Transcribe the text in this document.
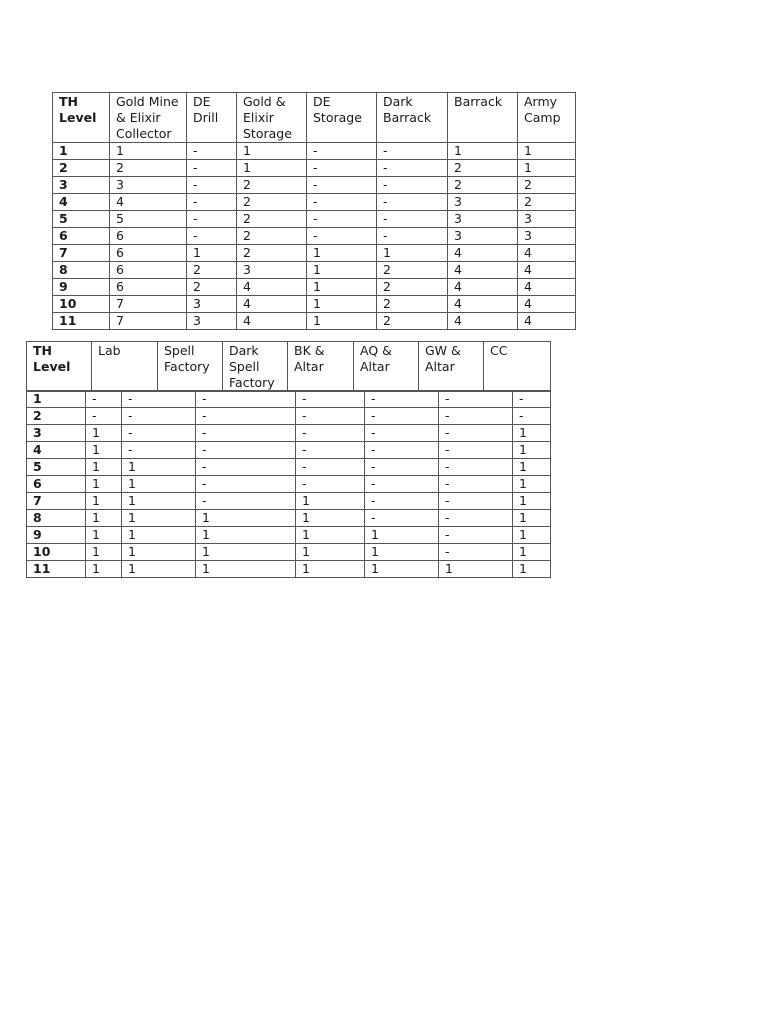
TH Level	Gold Mine & Elixir Collector	DE Drill	Gold & Elixir Storage	DE Storage	Dark Barrack	Barrack	Army Camp
1	1	-	1	-	-	1	1
2	2	-	1	-	-	2	1
3	3	-	2	-	-	2	2
4	4	-	2	-	-	3	2
5	5	-	2	-	-	3	3
6	6	-	2	-	-	3	3
7	6	1	2	1	1	4	4
8	6	2	3	1	2	4	4
9	6	2	4	1	2	4	4
10	7	3	4	1	2	4	4
11	7	3	4	1	2	4	4
TH Level	Lab	Spell Factory	Dark Spell Factory	BK & Altar	AQ & Altar	GW & Altar	CC
1	-	-	-	-	-	-	-
2	-	-	-	-	-	-	-
3	1	-	-	-	-	-	1
4	1	-	-	-	-	-	1
5	1	1	-	-	-	-	1
6	1	1	-	-	-	-	1
7	1	1	-	1	-	-	1
8	1	1	1	1	-	-	1
9	1	1	1	1	1	-	1
10	1	1	1	1	1	-	1
11	1	1	1	1	1	1	1
